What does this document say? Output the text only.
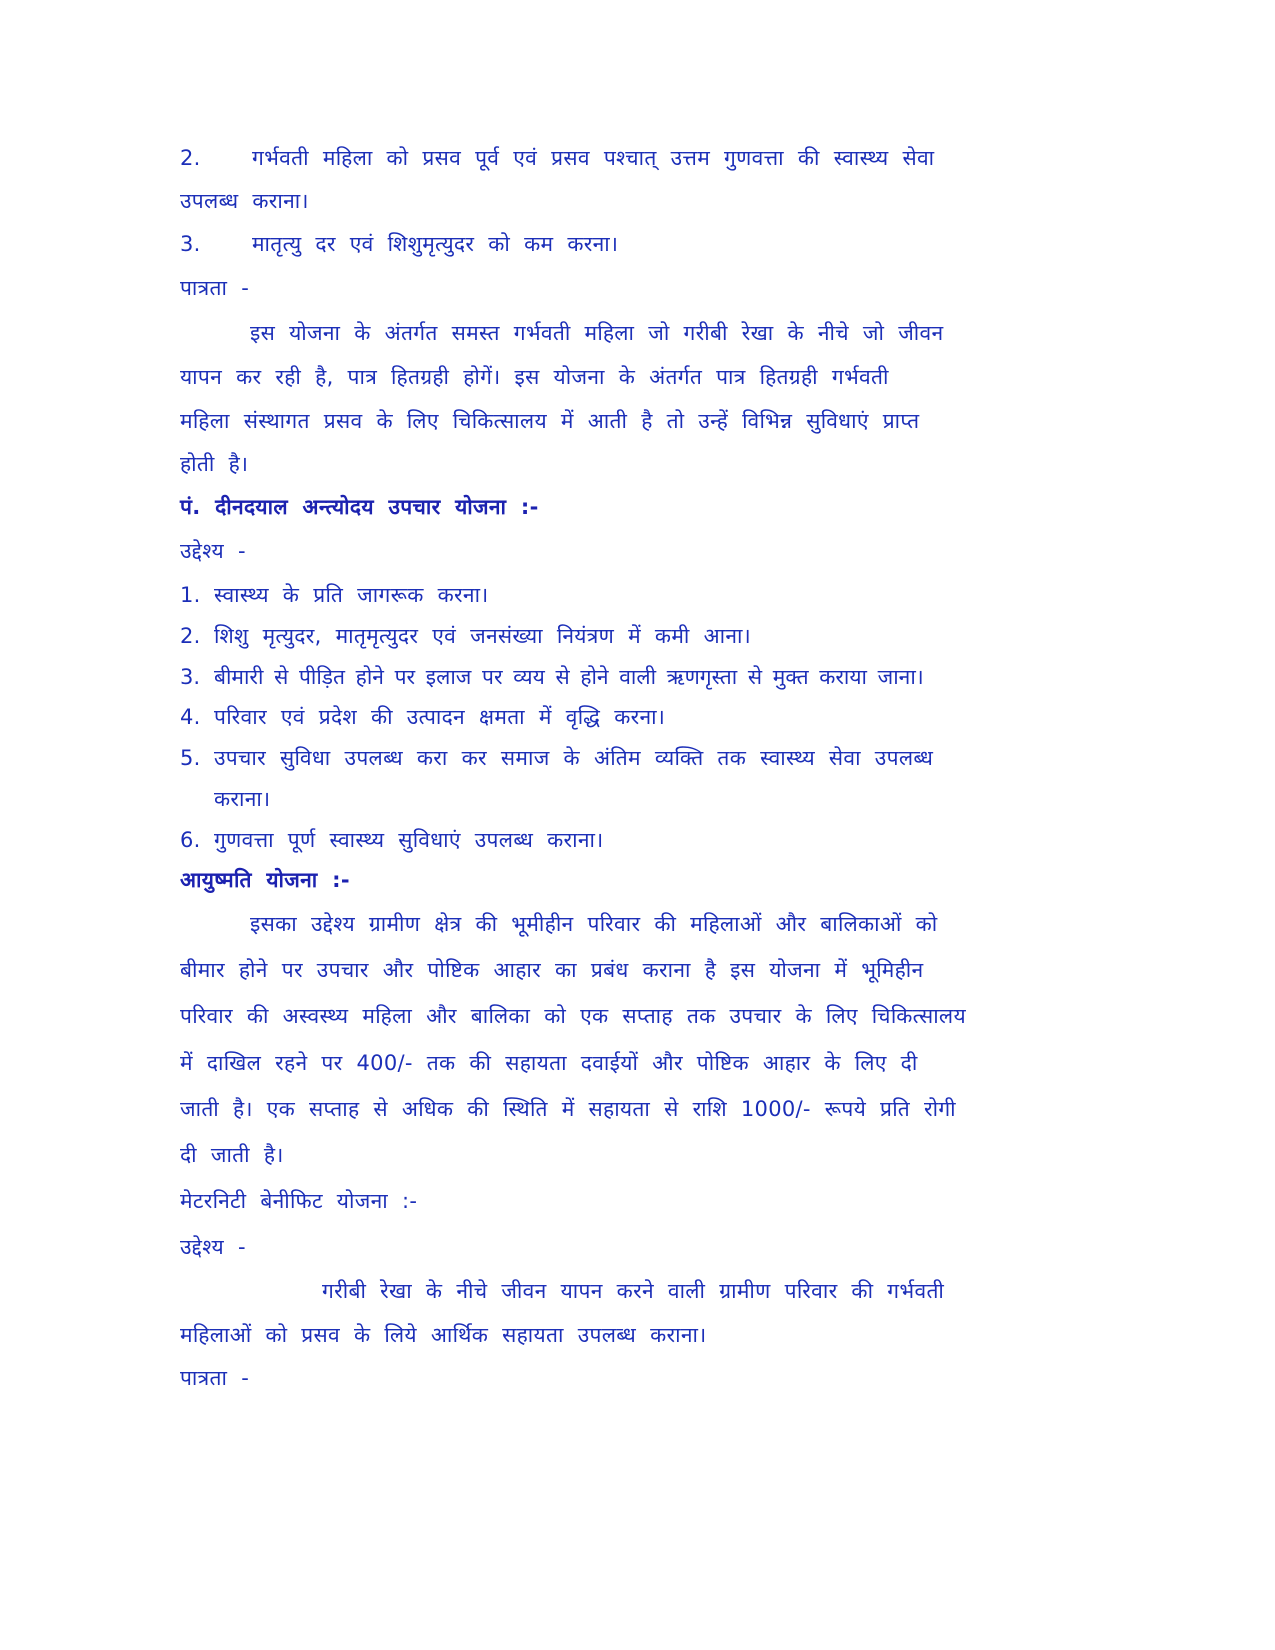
2. गर्भवती महिला को प्रसव पूर्व एवं प्रसव पश्चात् उत्तम गुणवत्ता की स्वास्थ्य सेवा
उपलब्ध कराना।
3. मातृत्यु दर एवं शिशुमृत्युदर को कम करना।
पात्रता -
इस योजना के अंतर्गत समस्त गर्भवती महिला जो गरीबी रेखा के नीचे जो जीवन
यापन कर रही है, पात्र हितग्रही होगें। इस योजना के अंतर्गत पात्र हितग्रही गर्भवती
महिला संस्थागत प्रसव के लिए चिकित्सालय में आती है तो उन्हें विभिन्न सुविधाएं प्राप्त
होती है।
पं. दीनदयाल अन्त्योदय उपचार योजना :-
उद्देश्य -
1. स्वास्थ्य के प्रति जागरूक करना।
2. शिशु मृत्युदर, मातृमृत्युदर एवं जनसंख्या नियंत्रण में कमी आना।
3. बीमारी से पीड़ित होने पर इलाज पर व्यय से होने वाली ऋणगृस्ता से मुक्त कराया जाना।
4. परिवार एवं प्रदेश की उत्पादन क्षमता में वृद्धि करना।
5. उपचार सुविधा उपलब्ध करा कर समाज के अंतिम व्यक्ति तक स्वास्थ्य सेवा उपलब्ध
कराना।
6. गुणवत्ता पूर्ण स्वास्थ्य सुविधाएं उपलब्ध कराना।
आयुष्मति योजना :-
इसका उद्देश्य ग्रामीण क्षेत्र की भूमीहीन परिवार की महिलाओं और बालिकाओं को
बीमार होने पर उपचार और पोष्टिक आहार का प्रबंध कराना है इस योजना में भूमिहीन
परिवार की अस्वस्थ्य महिला और बालिका को एक सप्ताह तक उपचार के लिए चिकित्सालय
में दाखिल रहने पर 400/- तक की सहायता दवाईयों और पोष्टिक आहार के लिए दी
जाती है। एक सप्ताह से अधिक की स्थिति में सहायता से राशि 1000/- रूपये प्रति रोगी
दी जाती है।
मेटरनिटी बेनीफिट योजना :-
उद्देश्य -
गरीबी रेखा के नीचे जीवन यापन करने वाली ग्रामीण परिवार की गर्भवती
महिलाओं को प्रसव के लिये आर्थिक सहायता उपलब्ध कराना।
पात्रता -
